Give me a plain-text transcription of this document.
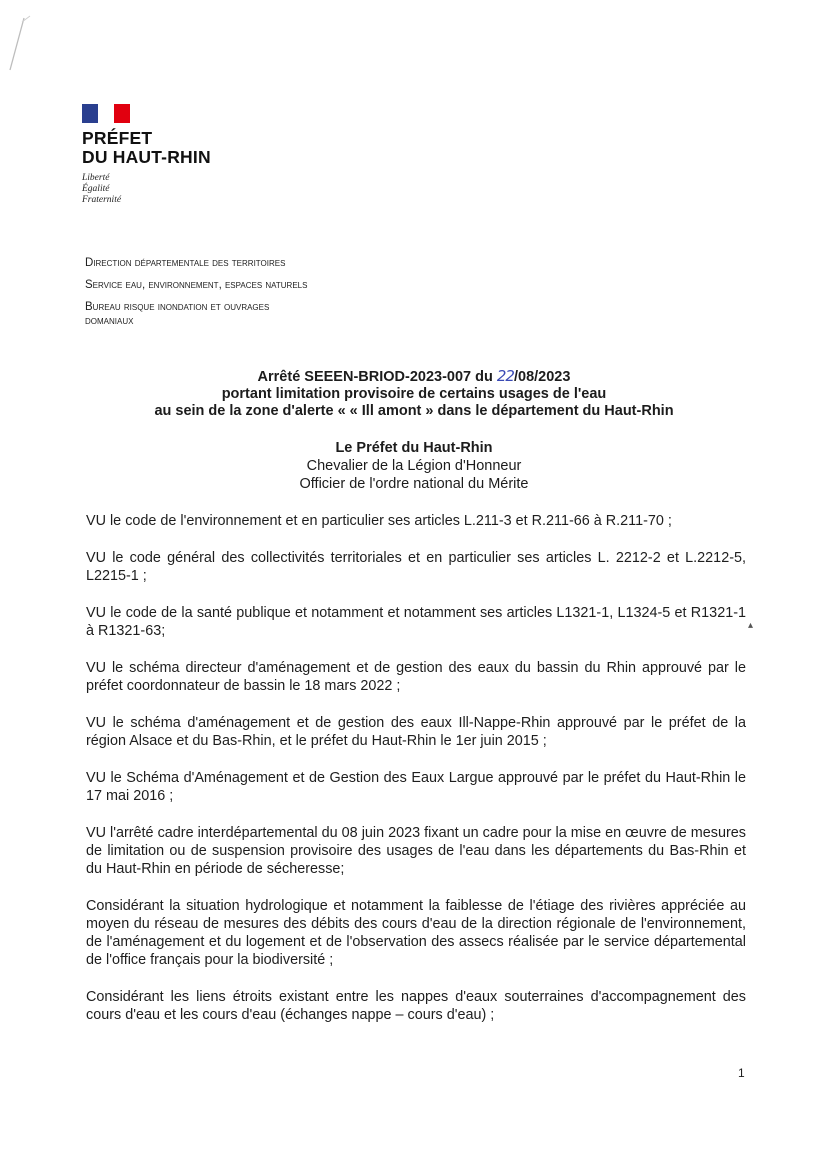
PRÉFET
DU HAUT-RHIN
Liberté
Égalité
Fraternité
Direction départementale des territoires
Service eau, environnement, espaces naturels
Bureau risque inondation et ouvrages
domaniaux
Arrêté SEEEN-BRIOD-2023-007 du 22/08/2023
portant limitation provisoire de certains usages de l'eau
au sein de la zone d'alerte « « Ill amont » dans le département du Haut-Rhin
Le Préfet du Haut-Rhin
Chevalier de la Légion d'Honneur
Officier de l'ordre national du Mérite
▴

VU le code de l'environnement et en particulier ses articles L.211-3 et R.211-66 à R.211-70 ;

VU le code général des collectivités territoriales et en particulier ses articles L. 2212-2 et L.2212-5, L2215-1 ;

VU le code de la santé publique et notamment et notamment ses articles L1321-1, L1324-5 et R1321-1 à R1321-63;

VU le schéma directeur d'aménagement et de gestion des eaux du bassin du Rhin approuvé par le préfet coordonnateur de bassin le 18 mars 2022 ;

VU le schéma d'aménagement et de gestion des eaux Ill-Nappe-Rhin approuvé par le préfet de la région Alsace et du Bas-Rhin, et le préfet du Haut-Rhin le 1er juin 2015 ;

VU le Schéma d'Aménagement et de Gestion des Eaux Largue approuvé par le préfet du Haut-Rhin le 17 mai 2016 ;

VU l'arrêté cadre interdépartemental du 08 juin 2023 fixant un cadre pour la mise en œuvre de mesures de limitation ou de suspension provisoire des usages de l'eau dans les départements du Bas-Rhin et du Haut-Rhin en période de sécheresse;

Considérant la situation hydrologique et notamment la faiblesse de l'étiage des rivières appréciée au moyen du réseau de mesures des débits des cours d'eau de la direction régionale de l'environnement, de l'aménagement et du logement et de l'observation des assecs réalisée par le service départemental de l'office français pour la biodiversité ;

Considérant les liens étroits existant entre les nappes d'eaux souterraines d'accompagnement des cours d'eau et les cours d'eau (échanges nappe – cours d'eau) ;

1
